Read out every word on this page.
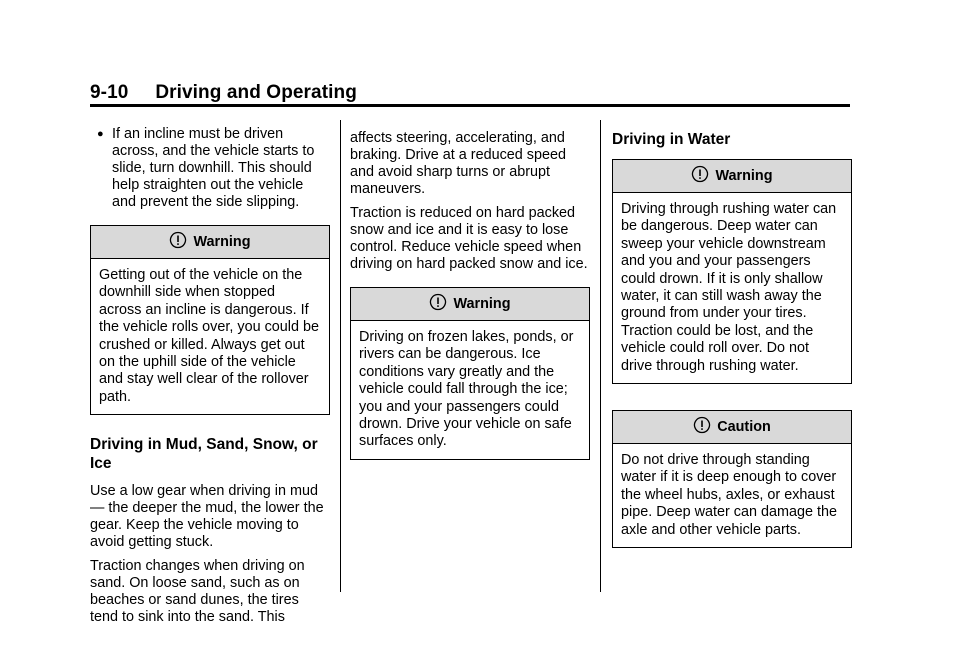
9-10     Driving and Operating
● If an incline must be driven across, and the vehicle starts to slide, turn downhill. This should help straighten out the vehicle and prevent the side slipping.
Warning
Getting out of the vehicle on the downhill side when stopped across an incline is dangerous. If the vehicle rolls over, you could be crushed or killed. Always get out on the uphill side of the vehicle and stay well clear of the rollover path.
Driving in Mud, Sand, Snow, or Ice

Use a low gear when driving in mud — the deeper the mud, the lower the gear. Keep the vehicle moving to avoid getting stuck.

Traction changes when driving on sand. On loose sand, such as on beaches or sand dunes, the tires tend to sink into the sand. This

affects steering, accelerating, and braking. Drive at a reduced speed and avoid sharp turns or abrupt maneuvers.

Traction is reduced on hard packed snow and ice and it is easy to lose control. Reduce vehicle speed when driving on hard packed snow and ice.

Warning
Driving on frozen lakes, ponds, or rivers can be dangerous. Ice conditions vary greatly and the vehicle could fall through the ice; you and your passengers could drown. Drive your vehicle on safe surfaces only.
Driving in Water
Warning
Driving through rushing water can be dangerous. Deep water can sweep your vehicle downstream and you and your passengers could drown. If it is only shallow water, it can still wash away the ground from under your tires. Traction could be lost, and the vehicle could roll over. Do not drive through rushing water.
Caution
Do not drive through standing water if it is deep enough to cover the wheel hubs, axles, or exhaust pipe. Deep water can damage the axle and other vehicle parts.
